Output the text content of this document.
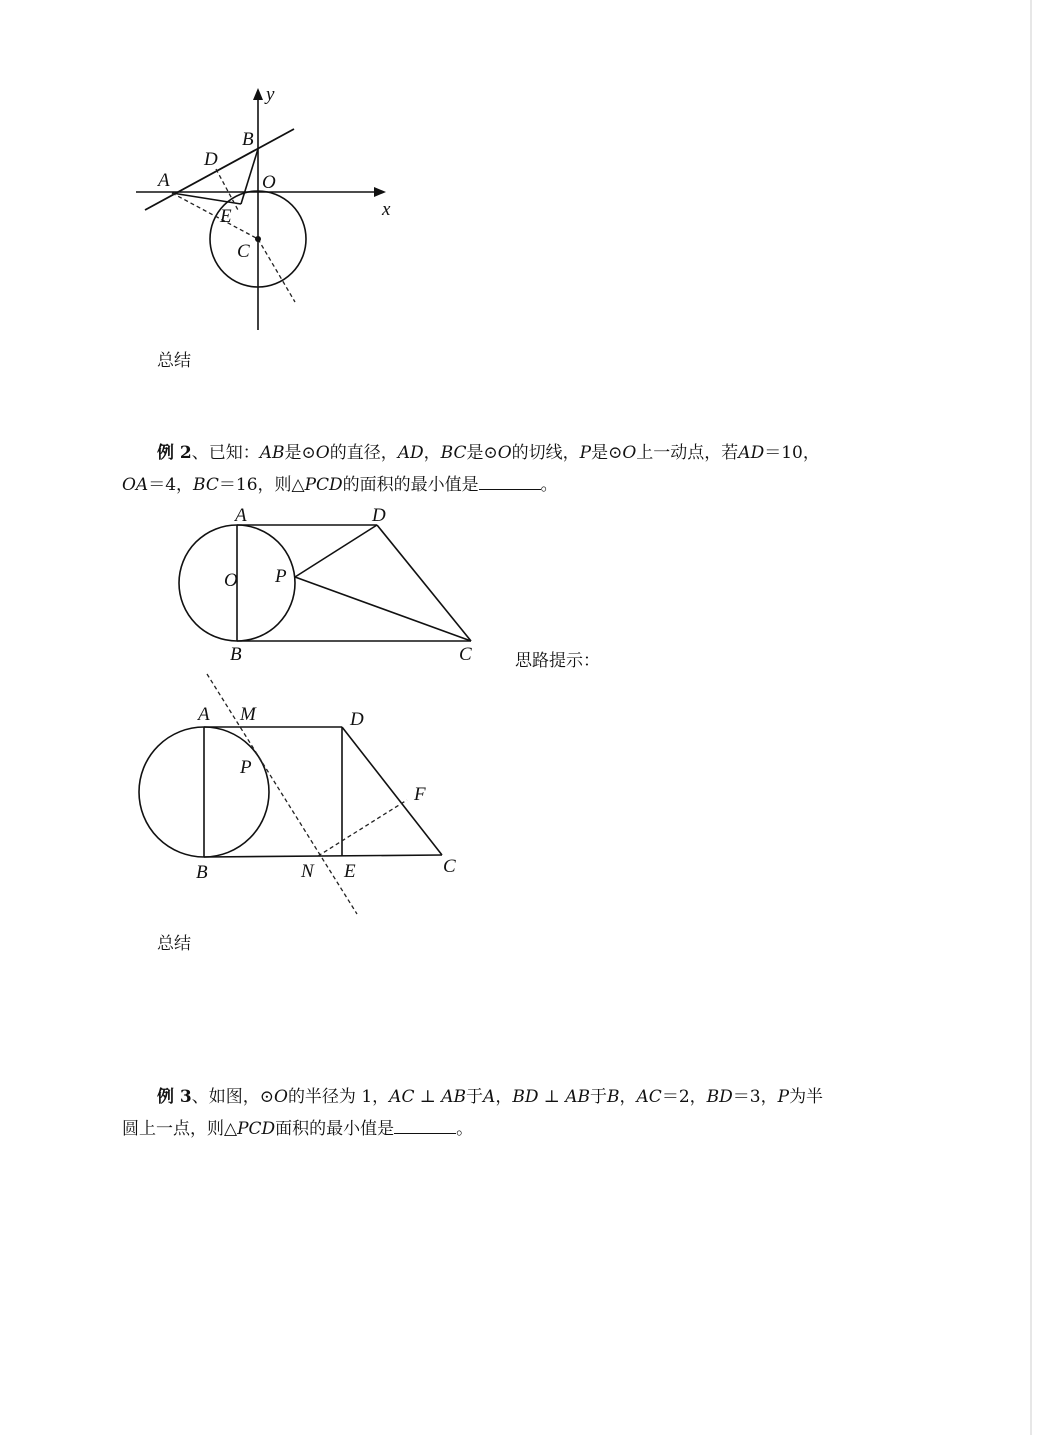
y
x
A
B
C
D
E
O
总结
例 2、已知：AB是⊙O的直径，AD，BC是⊙O的切线，P是⊙O上一动点，若AD＝10，
OA＝4，BC＝16，则△PCD的面积的最小值是	。
A
B	C
D
O P
思路提示：
A
B	C
D
E
F
M
N
P
总结
例 3、如图，⊙O的半径为 1，AC ⊥ AB于A，BD ⊥ AB于B，AC＝2，BD＝3，P为半
圆上一点，则△PCD面积的最小值是	。
